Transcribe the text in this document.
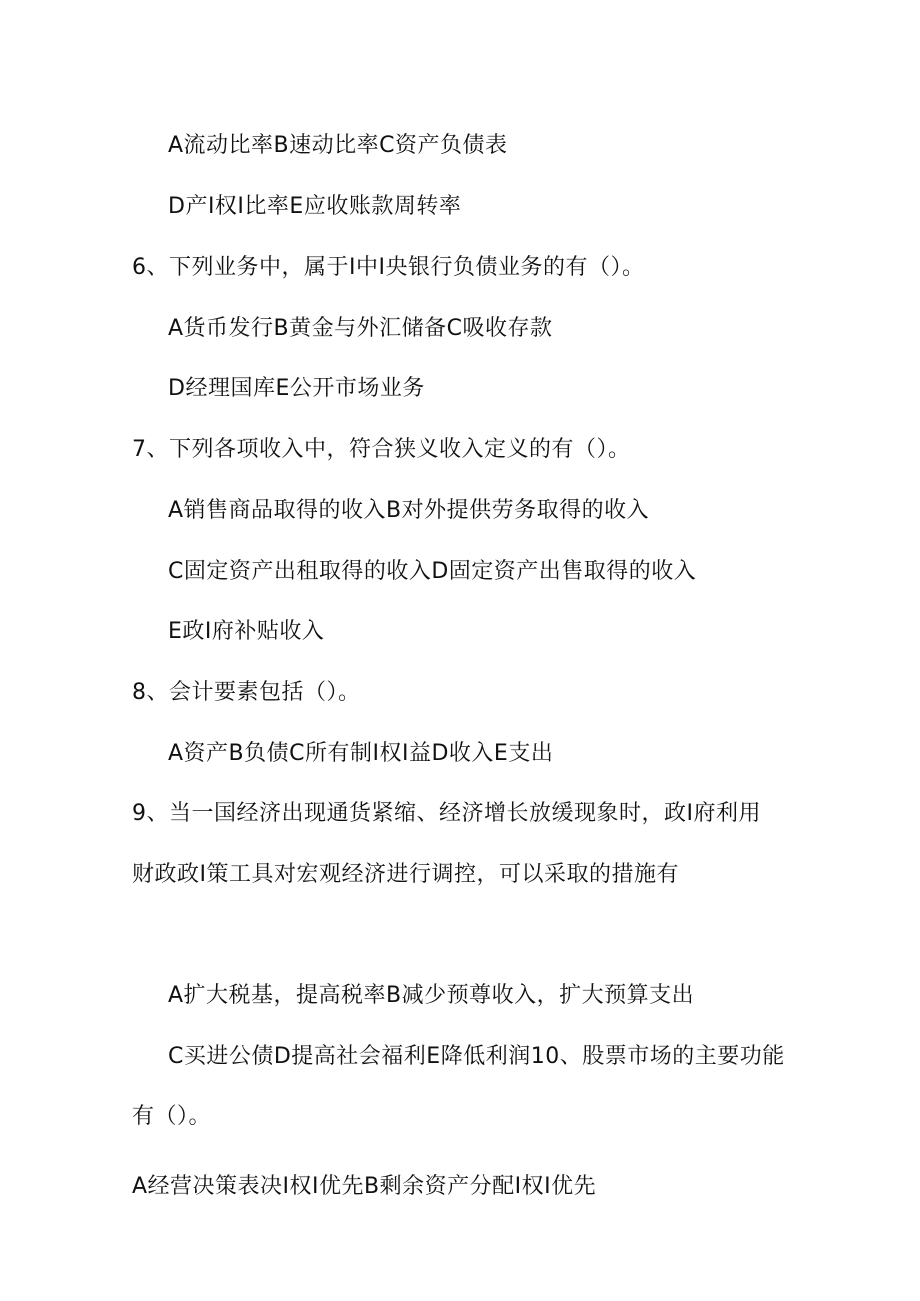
A流动比率B速动比率C资产负债表
D产I权I比率E应收账款周转率
6、下列业务中，属于I中I央银行负债业务的有（）。
A货币发行B黄金与外汇储备C吸收存款
D经理国库E公开市场业务
7、下列各项收入中，符合狭义收入定义的有（）。
A销售商品取得的收入B对外提供劳务取得的收入
C固定资产出租取得的收入D固定资产出售取得的收入
E政I府补贴收入
8、会计要素包括（）。
A资产B负债C所有制I权I益D收入E支出
9、当一国经济出现通货紧缩、经济增长放缓现象时，政I府利用
财政政I策工具对宏观经济进行调控，可以采取的措施有
A扩大税基，提高税率B减少预尊收入，扩大预算支出
C买进公债D提高社会福利E降低利润10、股票市场的主要功能
有（）。
A经营决策表决I权I优先B剩余资产分配I权I优先
